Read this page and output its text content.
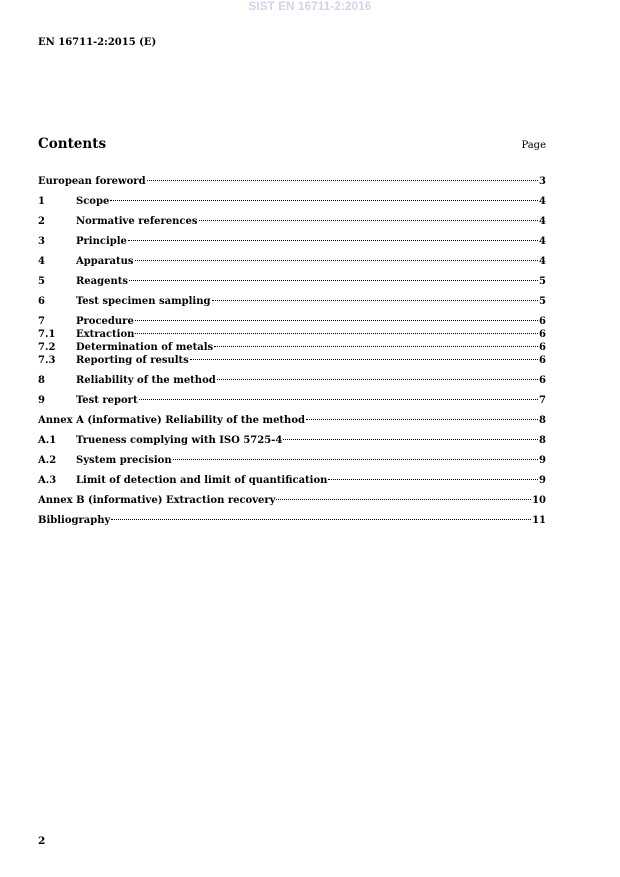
SIST EN 16711-2:2016
EN 16711-2:2015 (E)
Contents	Page
European foreword	3
1	Scope	4
2	Normative references	4
3	Principle	4
4	Apparatus	4
5	Reagents	5
6	Test specimen sampling	5
7	Procedure	6
7.1	Extraction	6
7.2	Determination of metals	6
7.3	Reporting of results	6
8	Reliability of the method	6
9	Test report	7
Annex A (informative) Reliability of the method	8
A.1	Trueness complying with ISO 5725-4	8
A.2	System precision	9
A.3	Limit of detection and limit of quantification	9
Annex B (informative) Extraction recovery	10
Bibliography	11
2
